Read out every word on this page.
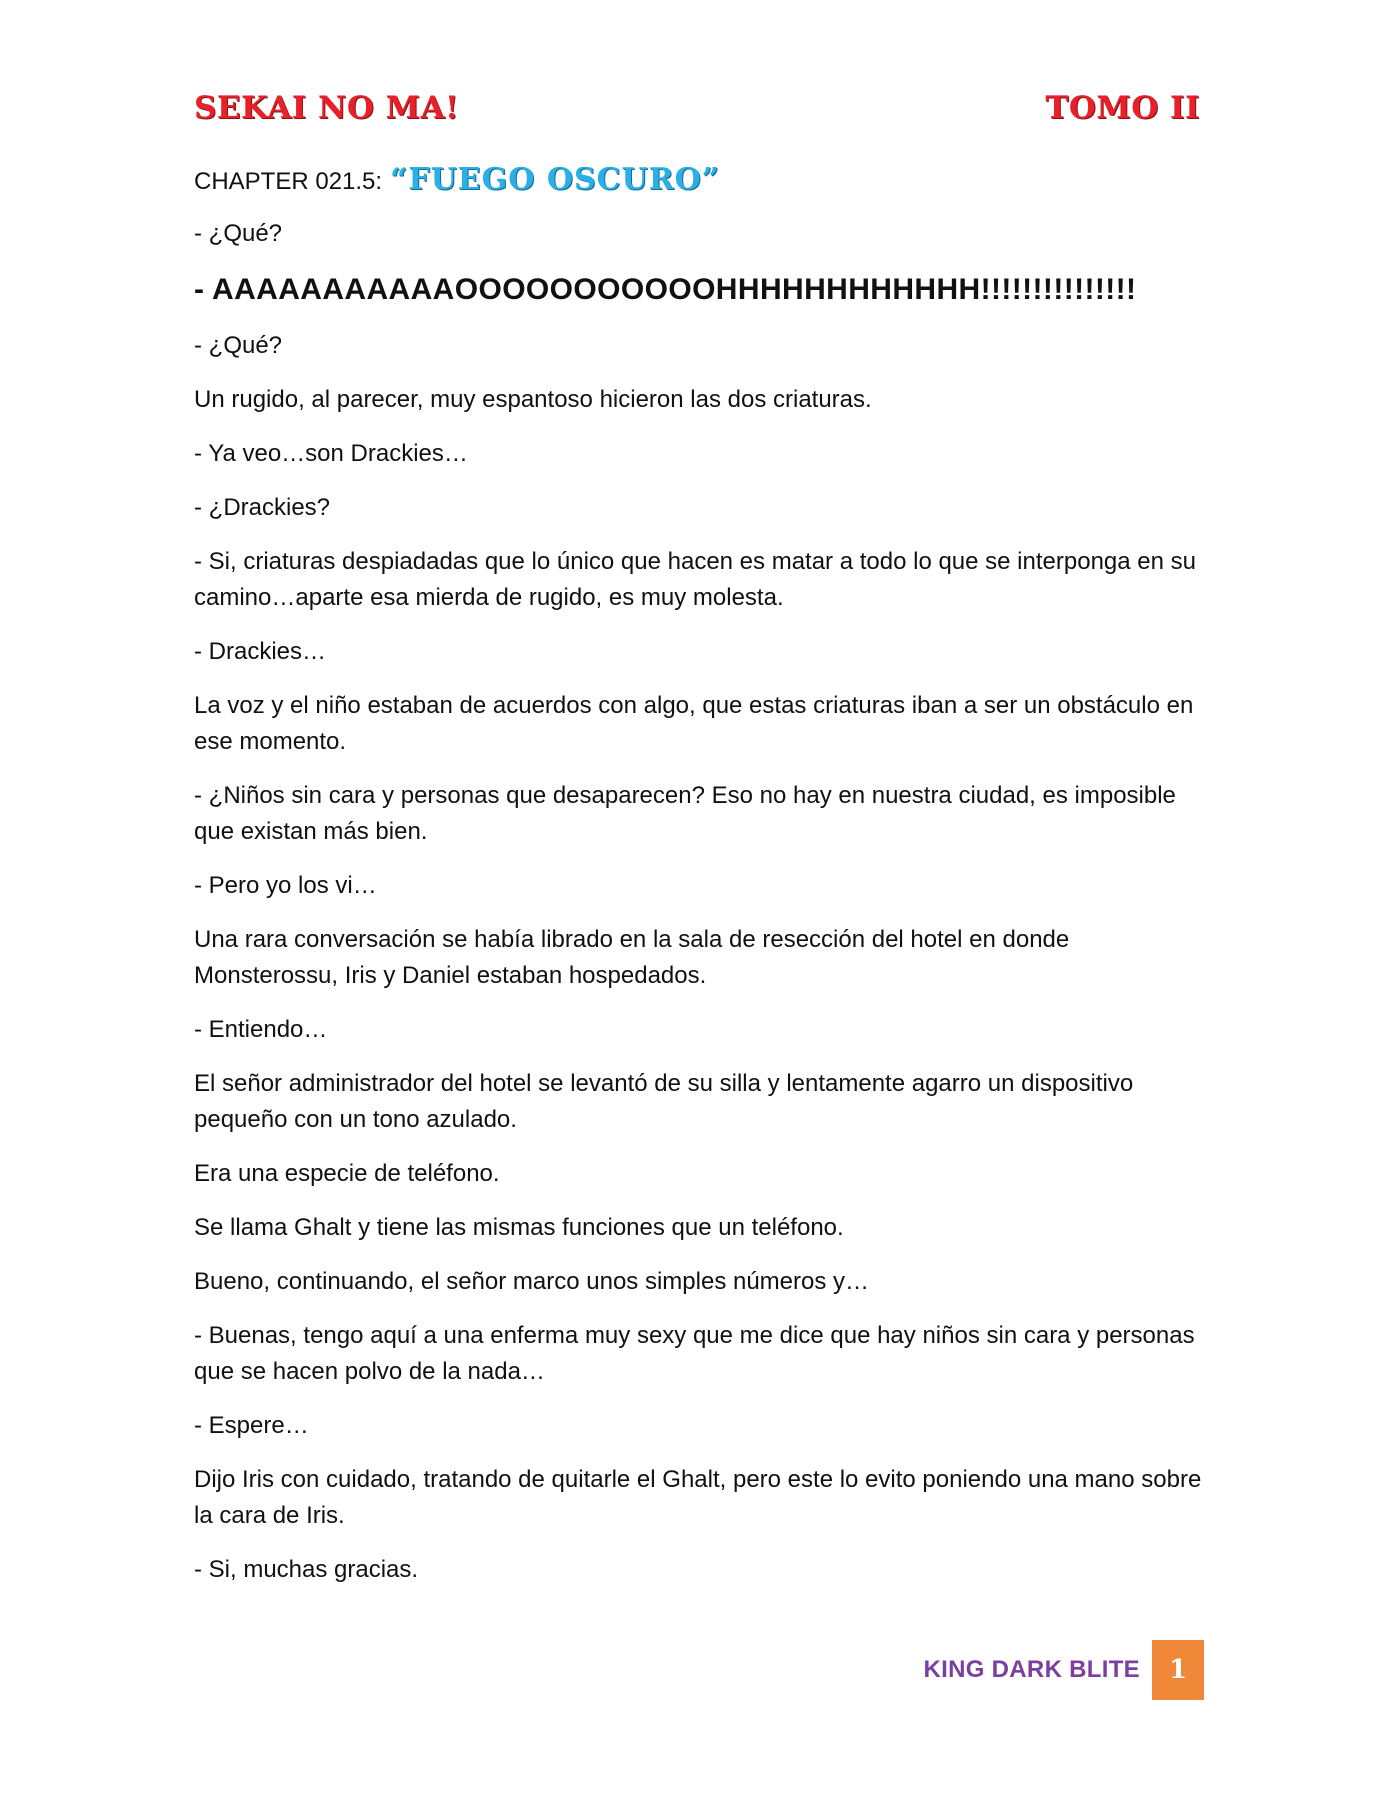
SEKAI NO MA!	TOMO II
CHAPTER 021.5: “FUEGO OSCURO”

- ¿Qué?

- AAAAAAAAAAAOOOOOOOOOOOHHHHHHHHHHHH!!!!!!!!!!!!!!!

- ¿Qué?

Un rugido, al parecer, muy espantoso hicieron las dos criaturas.

- Ya veo…son Drackies…

- ¿Drackies?

- Si, criaturas despiadadas que lo único que hacen es matar a todo lo que se interponga en su camino…aparte esa mierda de rugido, es muy molesta.

- Drackies…

La voz y el niño estaban de acuerdos con algo, que estas criaturas iban a ser un obstáculo en ese momento.

- ¿Niños sin cara y personas que desaparecen? Eso no hay en nuestra ciudad, es imposible que existan más bien.

- Pero yo los vi…

Una rara conversación se había librado en la sala de resección del hotel en donde Monsterossu, Iris y Daniel estaban hospedados.

- Entiendo…

El señor administrador del hotel se levantó de su silla y lentamente agarro un dispositivo pequeño con un tono azulado.

Era una especie de teléfono.

Se llama Ghalt y tiene las mismas funciones que un teléfono.

Bueno, continuando, el señor marco unos simples números y…

- Buenas, tengo aquí a una enferma muy sexy que me dice que hay niños sin cara y personas que se hacen polvo de la nada…

- Espere…

Dijo Iris con cuidado, tratando de quitarle el Ghalt, pero este lo evito poniendo una mano sobre la cara de Iris.

- Si, muchas gracias.

KING DARK BLITE 1
